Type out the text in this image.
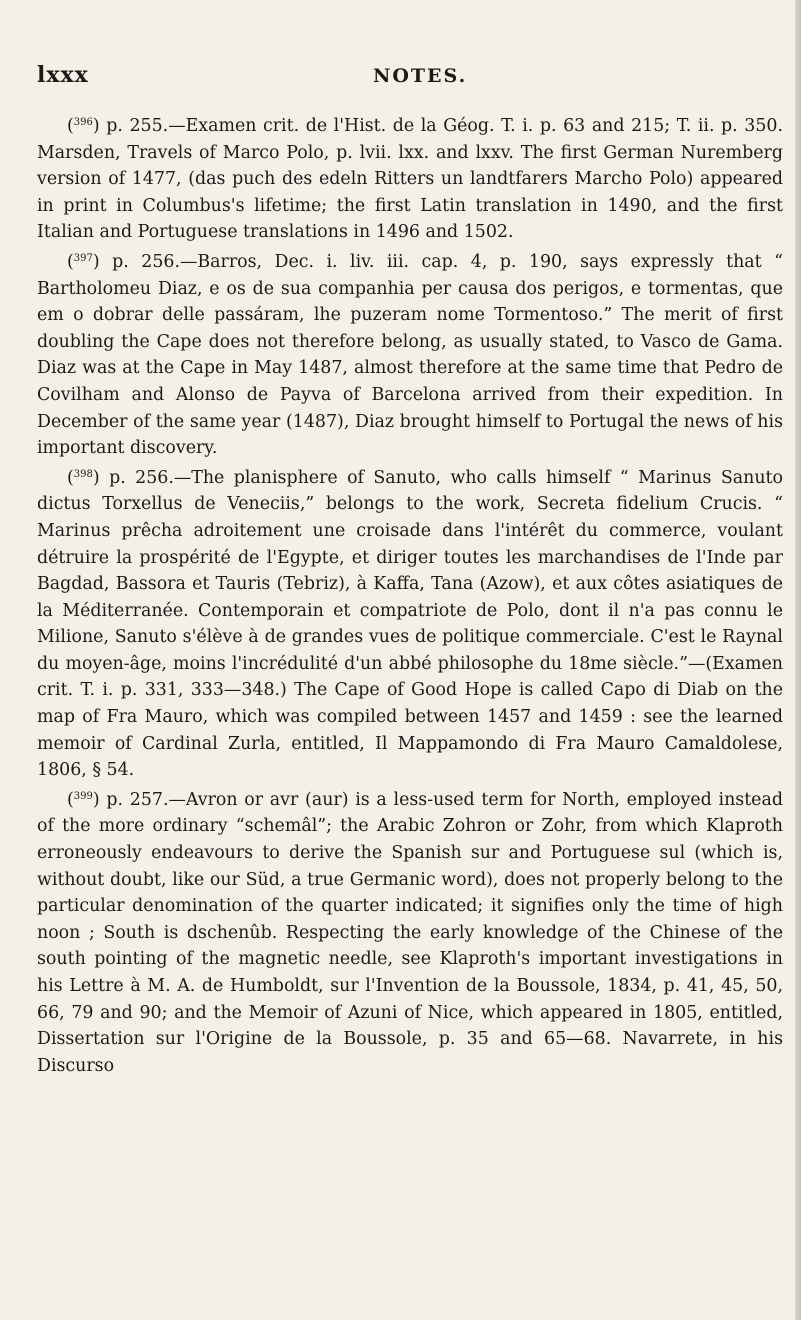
lxxx	NOTES.

($^{396}$) p. 255.—Examen crit. de l'Hist. de la Géog. T. i. p. 63 and 215; T. ii. p. 350. Marsden, Travels of Marco Polo, p. lvii. lxx. and lxxv. The first German Nuremberg version of 1477, (das puch des edeln Ritters un landtfarers Marcho Polo) appeared in print in Columbus's lifetime; the first Latin translation in 1490, and the first Italian and Portuguese translations in 1496 and 1502.

($^{397}$) p. 256.—Barros, Dec. i. liv. iii. cap. 4, p. 190, says expressly that “ Bartholomeu Diaz, e os de sua companhia per causa dos perigos, e tormentas, que em o dobrar delle passáram, lhe puzeram nome Tormentoso.” The merit of first doubling the Cape does not therefore belong, as usually stated, to Vasco de Gama. Diaz was at the Cape in May 1487, almost therefore at the same time that Pedro de Covilham and Alonso de Payva of Barcelona arrived from their expedition. In December of the same year (1487), Diaz brought himself to Portugal the news of his important discovery.

($^{398}$) p. 256.—The planisphere of Sanuto, who calls himself “ Marinus Sanuto dictus Torxellus de Veneciis,” belongs to the work, Secreta fidelium Crucis. “ Marinus prêcha adroitement une croisade dans l'intérêt du commerce, voulant détruire la prospérité de l'Egypte, et diriger toutes les marchandises de l'Inde par Bagdad, Bassora et Tauris (Tebriz), à Kaffa, Tana (Azow), et aux côtes asiatiques de la Méditerranée. Contemporain et compatriote de Polo, dont il n'a pas connu le Milione, Sanuto s'élève à de grandes vues de politique commerciale. C'est le Raynal du moyen-âge, moins l'incrédulité d'un abbé philosophe du 18me siècle.”—(Examen crit. T. i. p. 331, 333—348.) The Cape of Good Hope is called Capo di Diab on the map of Fra Mauro, which was compiled between 1457 and 1459 : see the learned memoir of Cardinal Zurla, entitled, Il Mappamondo di Fra Mauro Camaldolese, 1806, § 54.

($^{399}$) p. 257.—Avron or avr (aur) is a less-used term for North, employed instead of the more ordinary “schemâl”; the Arabic Zohron or Zohr, from which Klaproth erroneously endeavours to derive the Spanish sur and Portuguese sul (which is, without doubt, like our Süd, a true Germanic word), does not properly belong to the particular denomination of the quarter indicated; it signifies only the time of high noon ; South is dschenûb. Respecting the early knowledge of the Chinese of the south pointing of the magnetic needle, see Klaproth's important investigations in his Lettre à M. A. de Humboldt, sur l'Invention de la Boussole, 1834, p. 41, 45, 50, 66, 79 and 90; and the Memoir of Azuni of Nice, which appeared in 1805, entitled, Dissertation sur l'Origine de la Boussole, p. 35 and 65—68. Navarrete, in his Discurso
